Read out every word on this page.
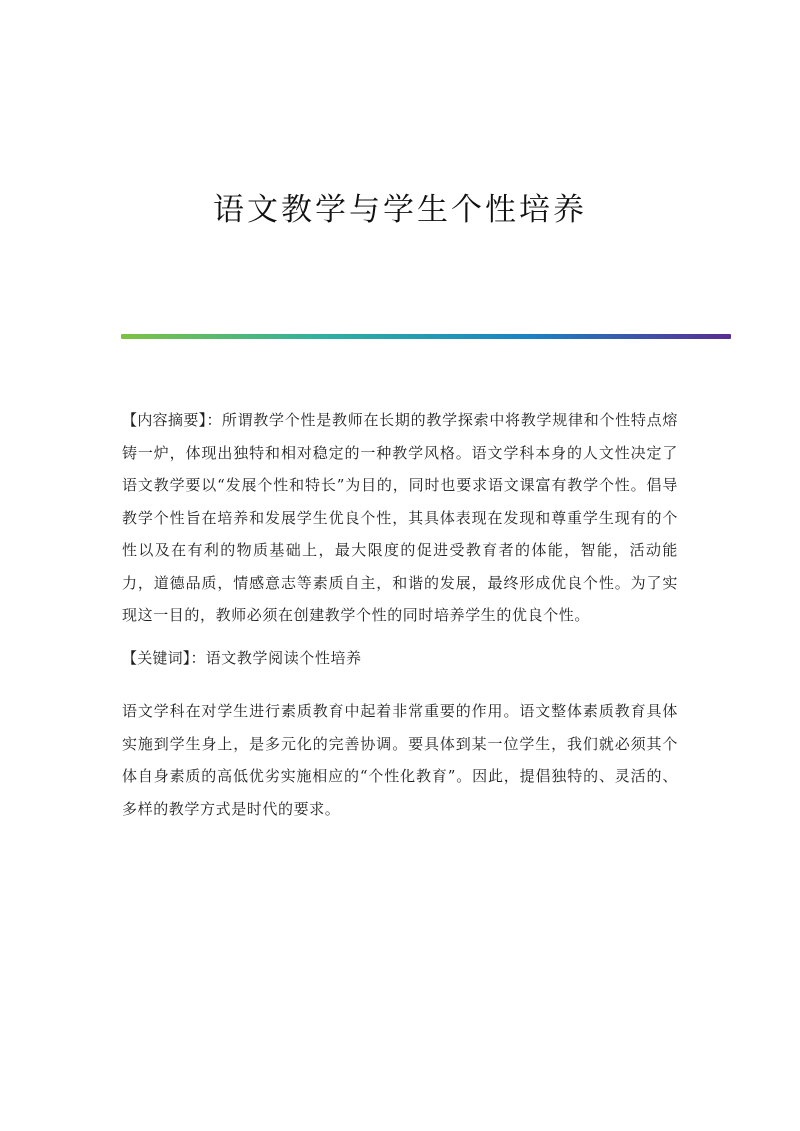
语文教学与学生个性培养

【内容摘要】：所谓教学个性是教师在长期的教学探索中将教学规律和个性特点熔铸一炉，体现出独特和相对稳定的一种教学风格。语文学科本身的人文性决定了语文教学要以“发展个性和特长”为目的，同时也要求语文课富有教学个性。倡导教学个性旨在培养和发展学生优良个性，其具体表现在发现和尊重学生现有的个性以及在有利的物质基础上，最大限度的促进受教育者的体能，智能，活动能力，道德品质，情感意志等素质自主，和谐的发展，最终形成优良个性。为了实现这一目的，教师必须在创建教学个性的同时培养学生的优良个性。

【关键词】：语文教学阅读个性培养

语文学科在对学生进行素质教育中起着非常重要的作用。语文整体素质教育具体实施到学生身上，是多元化的完善协调。要具体到某一位学生，我们就必须其个体自身素质的高低优劣实施相应的“个性化教育”。因此，提倡独特的、灵活的、多样的教学方式是时代的要求。
